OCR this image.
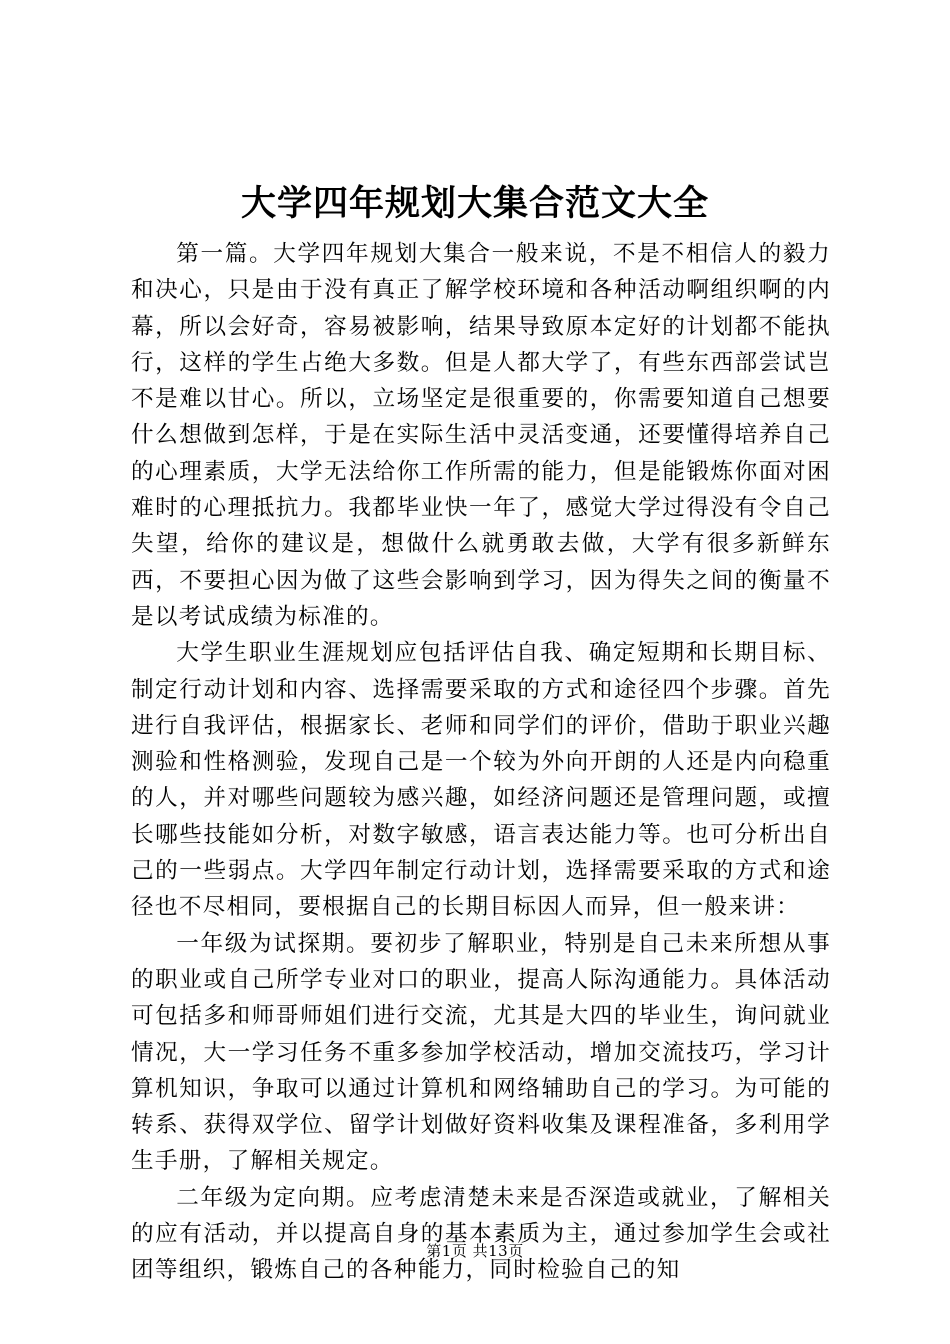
大学四年规划大集合范文大全

第一篇。大学四年规划大集合一般来说，不是不相信人的毅力和决心，只是由于没有真正了解学校环境和各种活动啊组织啊的内幕，所以会好奇，容易被影响，结果导致原本定好的计划都不能执行，这样的学生占绝大多数。但是人都大学了，有些东西部尝试岂不是难以甘心。所以，立场坚定是很重要的，你需要知道自己想要什么想做到怎样，于是在实际生活中灵活变通，还要懂得培养自己的心理素质，大学无法给你工作所需的能力，但是能锻炼你面对困难时的心理抵抗力。我都毕业快一年了，感觉大学过得没有令自己失望，给你的建议是，想做什么就勇敢去做，大学有很多新鲜东西，不要担心因为做了这些会影响到学习，因为得失之间的衡量不是以考试成绩为标准的。

大学生职业生涯规划应包括评估自我、确定短期和长期目标、制定行动计划和内容、选择需要采取的方式和途径四个步骤。首先进行自我评估，根据家长、老师和同学们的评价，借助于职业兴趣测验和性格测验，发现自己是一个较为外向开朗的人还是内向稳重的人，并对哪些问题较为感兴趣，如经济问题还是管理问题，或擅长哪些技能如分析，对数字敏感，语言表达能力等。也可分析出自己的一些弱点。大学四年制定行动计划，选择需要采取的方式和途径也不尽相同，要根据自己的长期目标因人而异，但一般来讲：

一年级为试探期。要初步了解职业，特别是自己未来所想从事的职业或自己所学专业对口的职业，提高人际沟通能力。具体活动可包括多和师哥师姐们进行交流，尤其是大四的毕业生，询问就业情况，大一学习任务不重多参加学校活动，增加交流技巧，学习计算机知识，争取可以通过计算机和网络辅助自己的学习。为可能的转系、获得双学位、留学计划做好资料收集及课程准备，多利用学生手册，了解相关规定。

二年级为定向期。应考虑清楚未来是否深造或就业，了解相关的应有活动，并以提高自身的基本素质为主，通过参加学生会或社团等组织，锻炼自己的各种能力，同时检验自己的知

第1页 共13页
